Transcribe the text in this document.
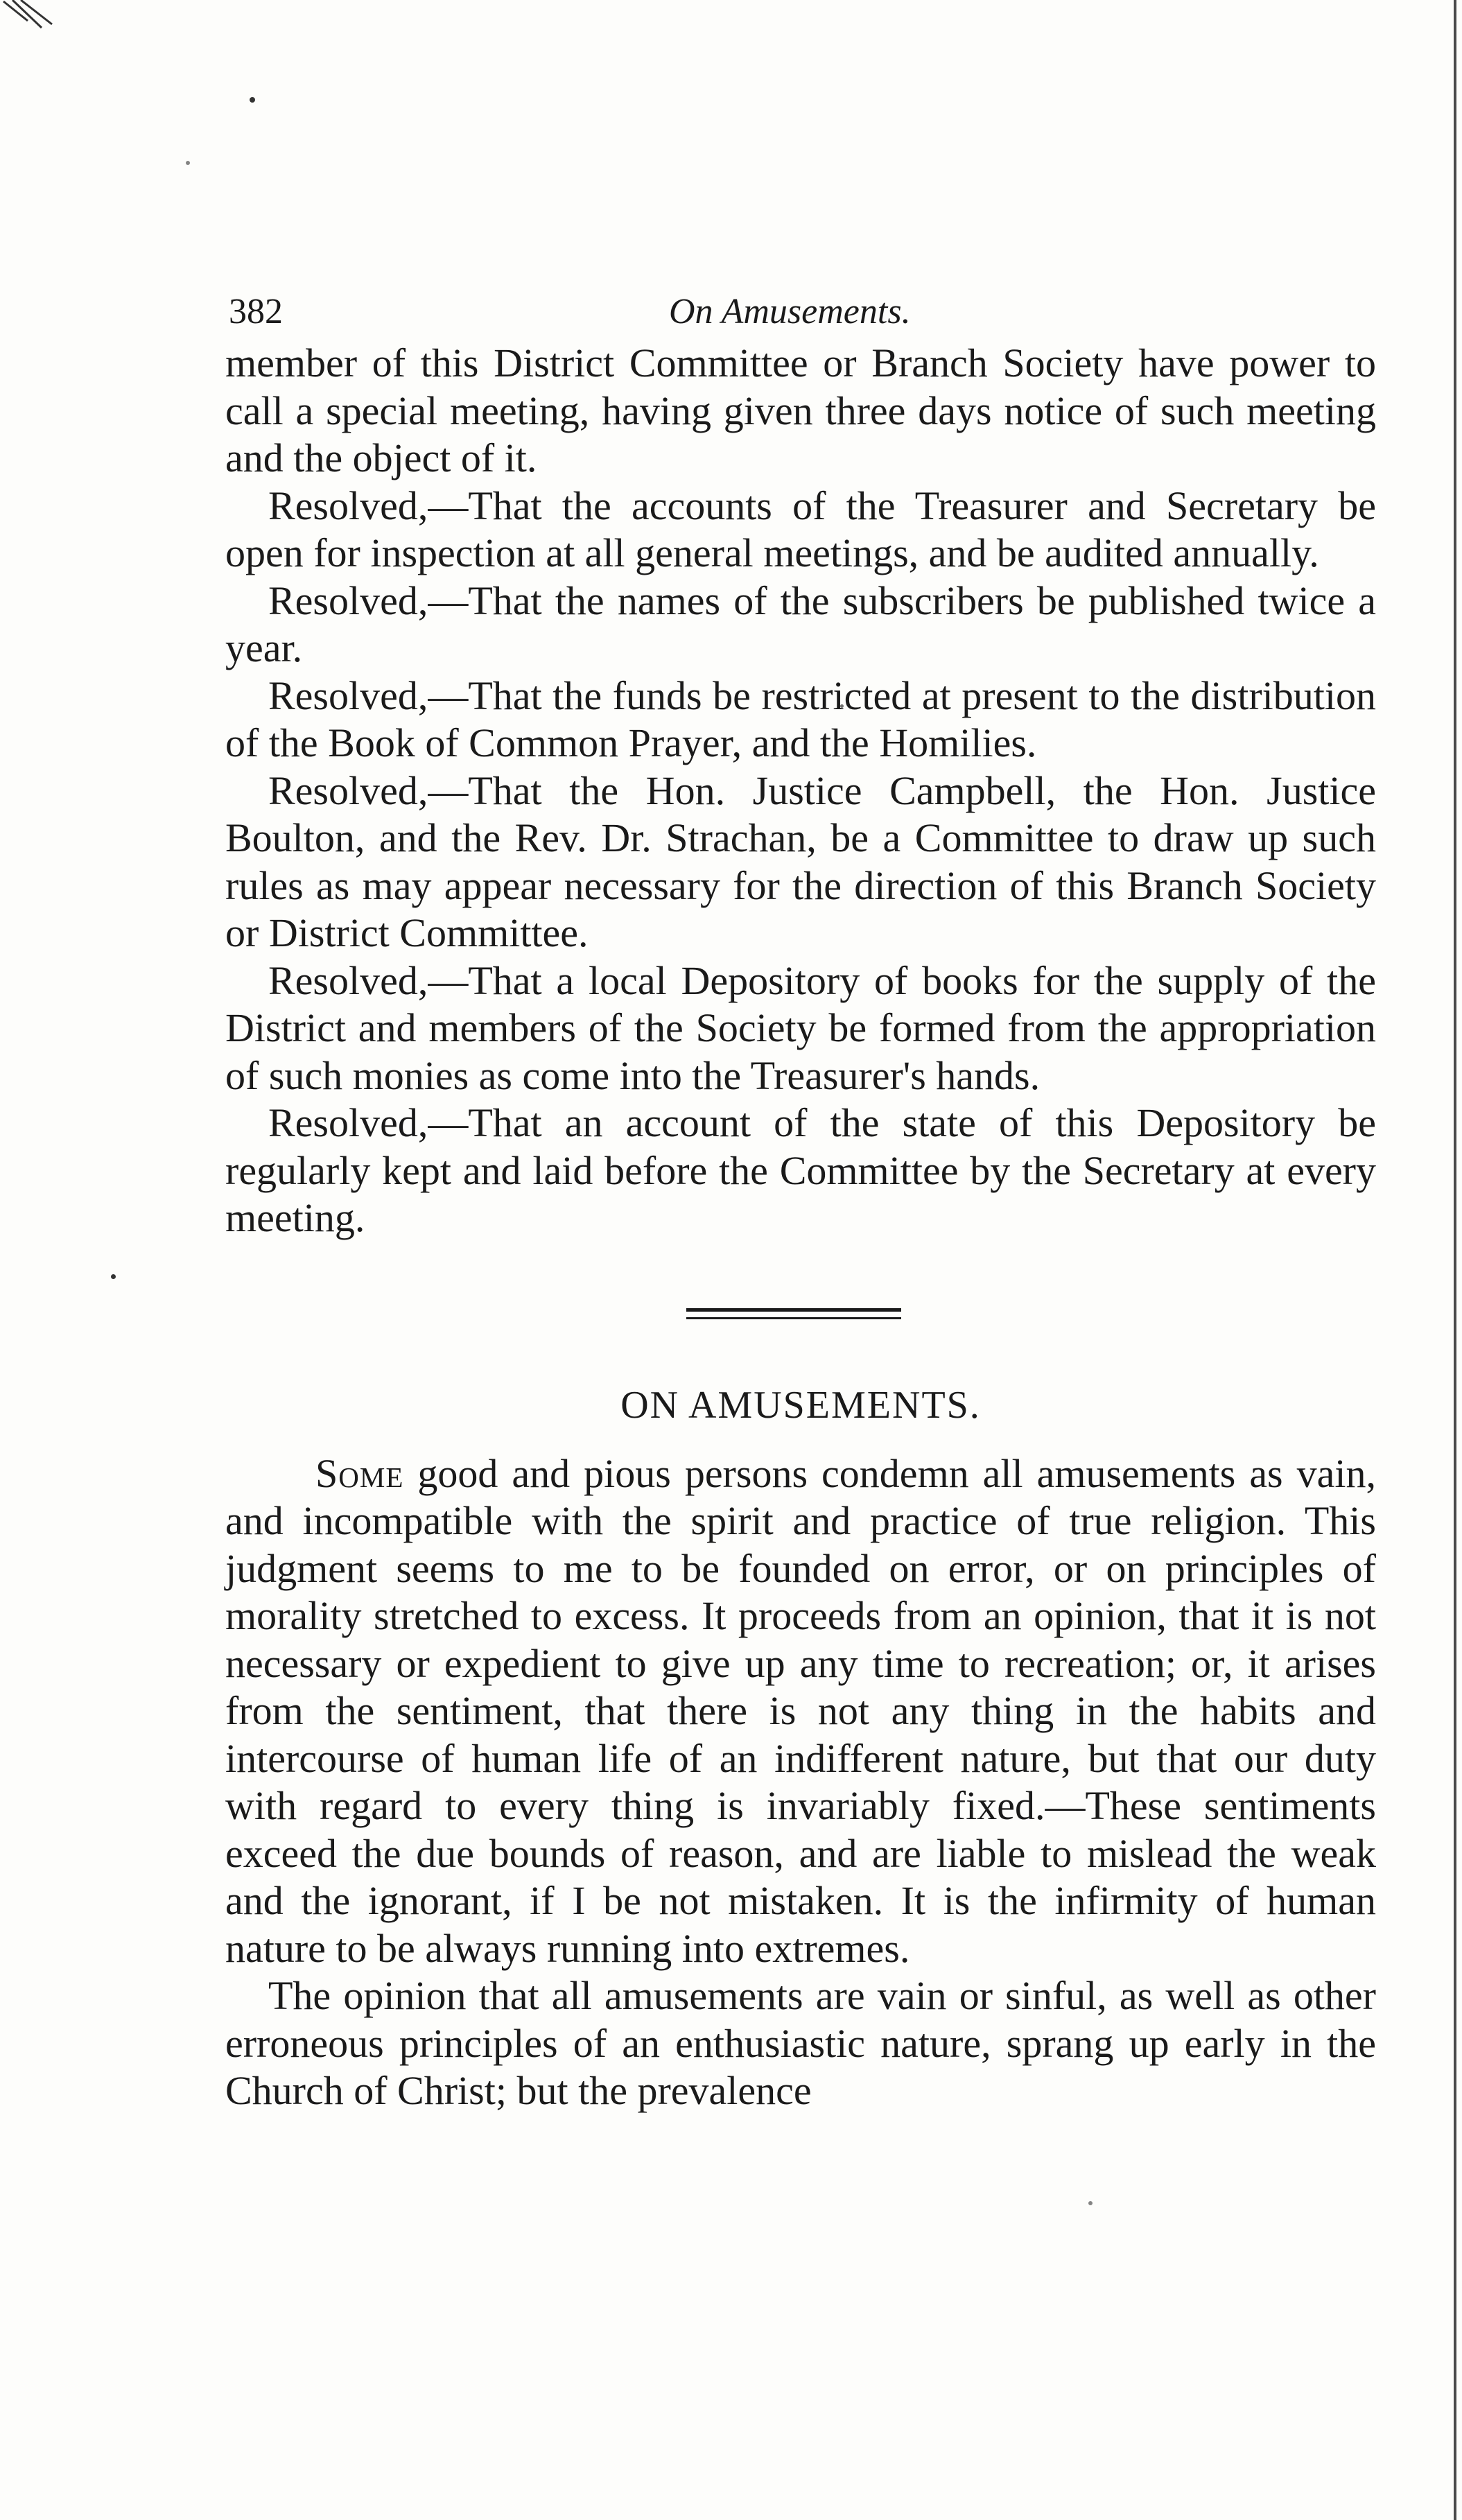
382	On Amusements.

member of this District Committee or Branch Society have power to call a special meeting, having given three days notice of such meeting and the object of it.

Resolved,—That the accounts of the Treasurer and Secretary be open for inspection at all general meetings, and be audited annually.

Resolved,—That the names of the subscribers be published twice a year.

Resolved,—That the funds be restricted at present to the distribution of the Book of Common Prayer, and the Homilies.

Resolved,—That the Hon. Justice Campbell, the Hon. Justice Boulton, and the Rev. Dr. Strachan, be a Committee to draw up such rules as may appear necessary for the direction of this Branch Society or District Committee.

Resolved,—That a local Depository of books for the supply of the District and members of the Society be formed from the appropriation of such monies as come into the Treasurer's hands.

Resolved,—That an account of the state of this Depository be regularly kept and laid before the Committee by the Secretary at every meeting.

ON AMUSEMENTS.

Some good and pious persons condemn all amusements as vain, and incompatible with the spirit and practice of true religion. This judgment seems to me to be founded on error, or on principles of morality stretched to excess. It proceeds from an opinion, that it is not necessary or expedient to give up any time to recreation; or, it arises from the sentiment, that there is not any thing in the habits and intercourse of human life of an indifferent nature, but that our duty with regard to every thing is invariably fixed.—These sentiments exceed the due bounds of reason, and are liable to mislead the weak and the ignorant, if I be not mistaken. It is the infirmity of human nature to be always running into extremes.

The opinion that all amusements are vain or sinful, as well as other erroneous principles of an enthusiastic nature, sprang up early in the Church of Christ; but the prevalence
